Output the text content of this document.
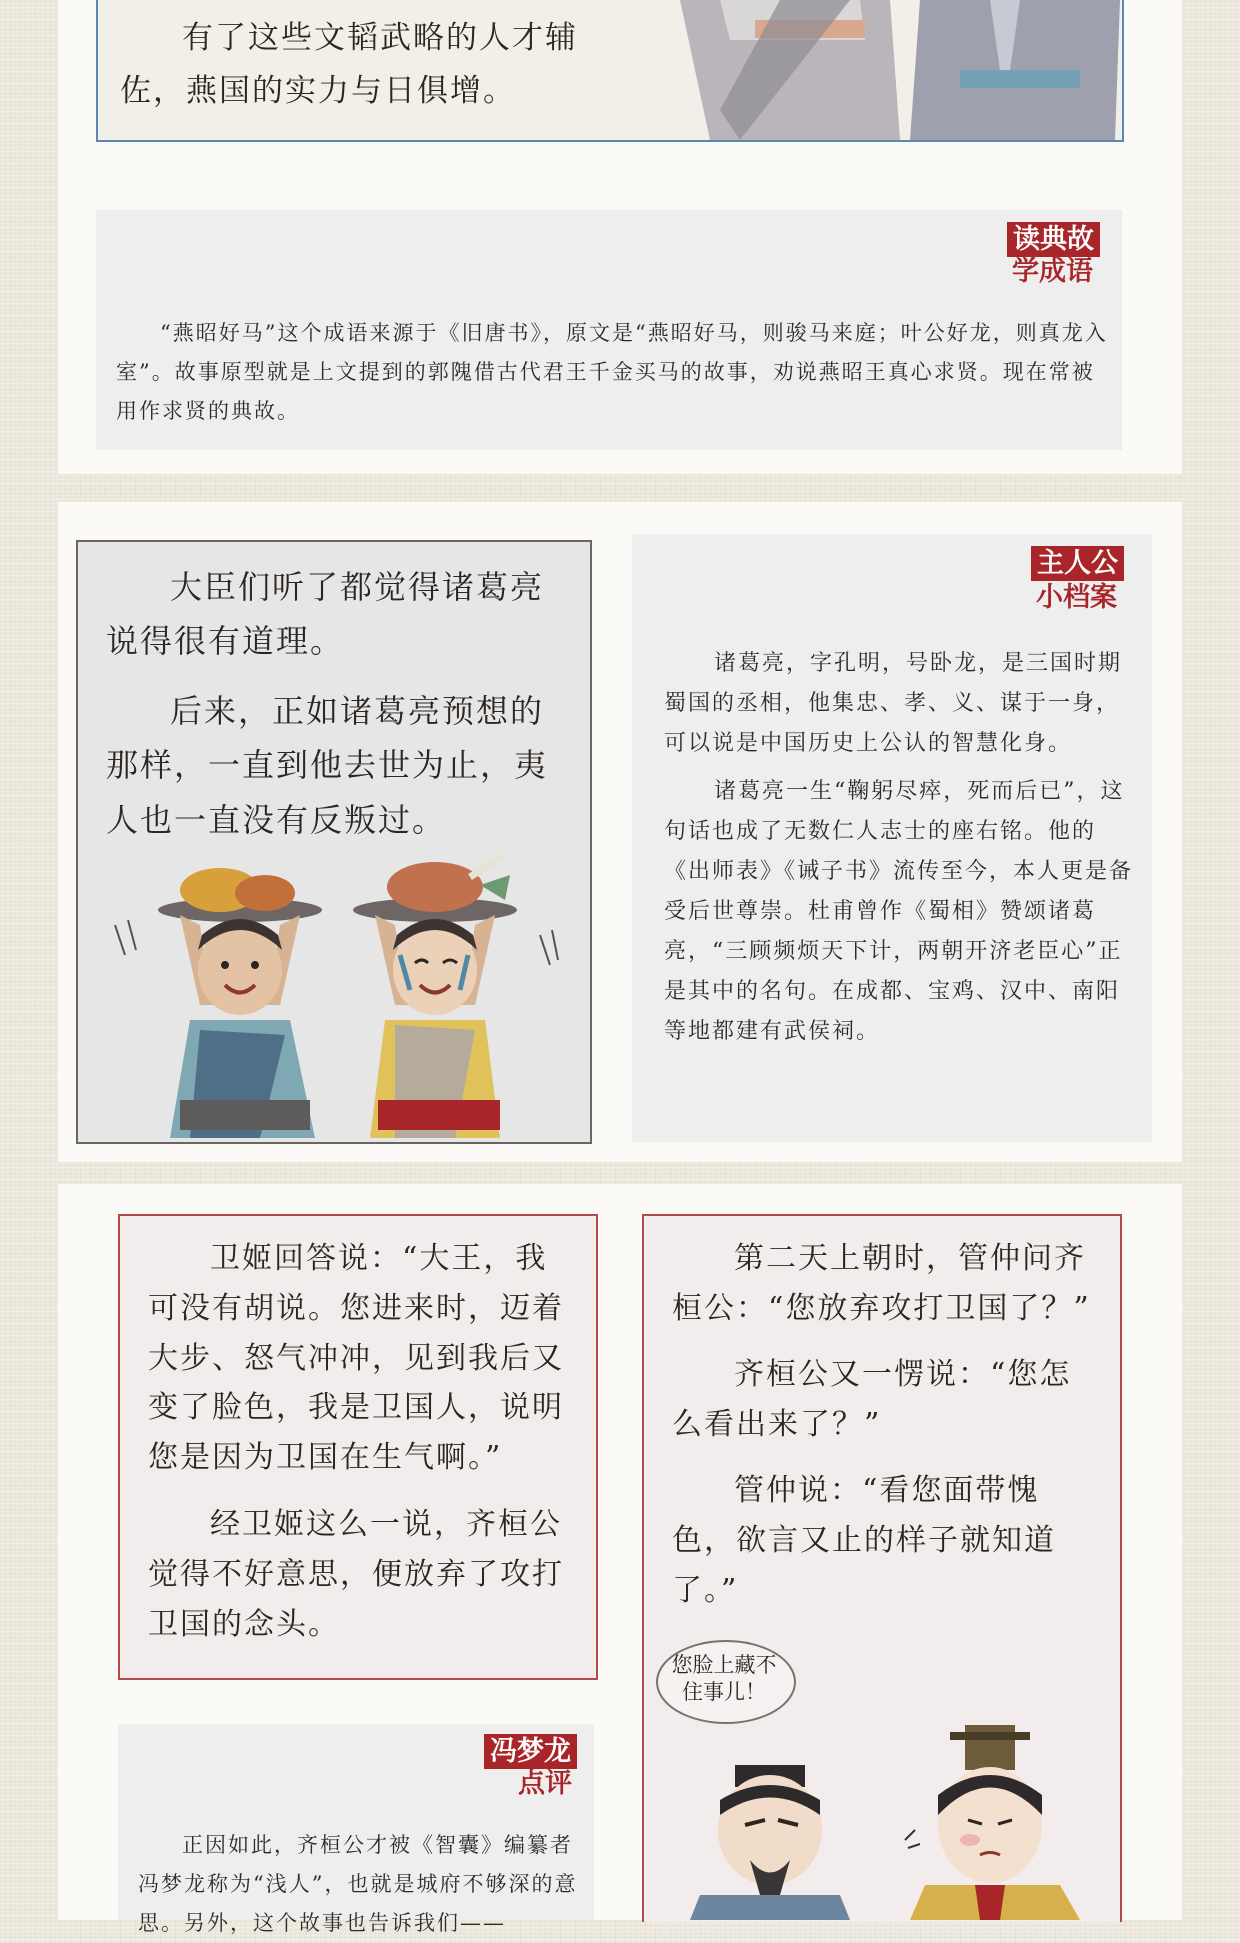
有了这些文韬武略的人才辅佐，燕国的实力与日俱增。
读典故
学成语
“燕昭好马”这个成语来源于《旧唐书》，原文是“燕昭好马，则骏马来庭；叶公好龙，则真龙入室”。故事原型就是上文提到的郭隗借古代君王千金买马的故事，劝说燕昭王真心求贤。现在常被用作求贤的典故。
大臣们听了都觉得诸葛亮说得很有道理。
后来，正如诸葛亮预想的那样，一直到他去世为止，夷人也一直没有反叛过。
主人公
小档案
诸葛亮，字孔明，号卧龙，是三国时期蜀国的丞相，他集忠、孝、义、谋于一身，可以说是中国历史上公认的智慧化身。
诸葛亮一生“鞠躬尽瘁，死而后已”，这句话也成了无数仁人志士的座右铭。他的《出师表》《诫子书》流传至今，本人更是备受后世尊崇。杜甫曾作《蜀相》赞颂诸葛亮，“三顾频烦天下计，两朝开济老臣心”正是其中的名句。在成都、宝鸡、汉中、南阳等地都建有武侯祠。
卫姬回答说：“大王，我可没有胡说。您进来时，迈着大步、怒气冲冲，见到我后又变了脸色，我是卫国人，说明您是因为卫国在生气啊。”
经卫姬这么一说，齐桓公觉得不好意思，便放弃了攻打卫国的念头。
冯梦龙
点评
正因如此，齐桓公才被《智囊》编纂者冯梦龙称为“浅人”，也就是城府不够深的意思。另外，这个故事也告诉我们——
第二天上朝时，管仲问齐桓公：“您放弃攻打卫国了？”
齐桓公又一愣说：“您怎么看出来了？”
管仲说：“看您面带愧色，欲言又止的样子就知道了。”
您脸上藏不住事儿！
